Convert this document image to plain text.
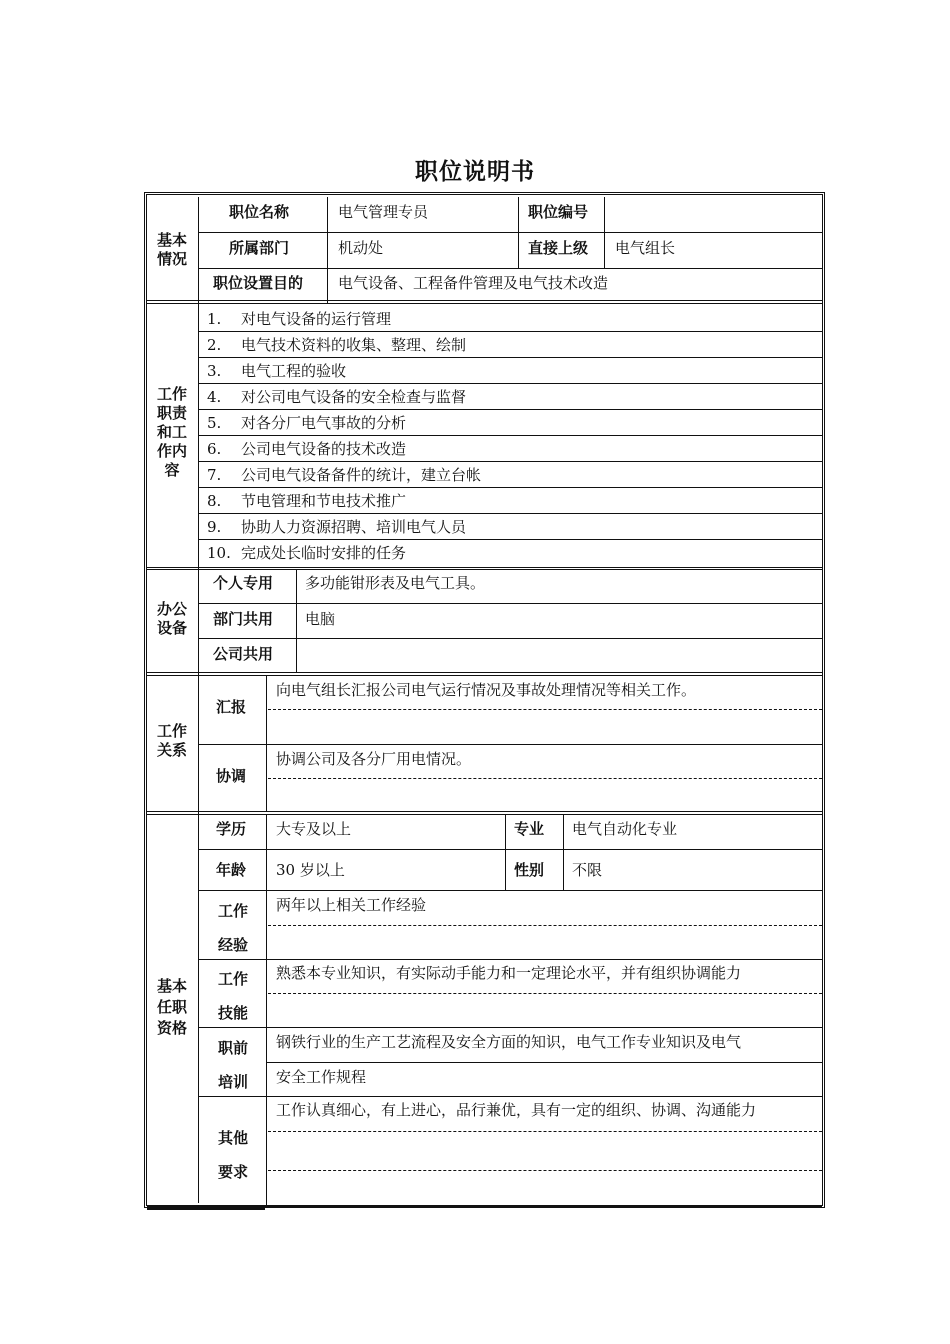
职位说明书
基本情况
职位名称	电气管理专员	职位编号
所属部门	机动处	直接上级 电气组长
职位设置目的 电气设备、工程备件管理及电气技术改造
工作职责和工作内容
1. 对电气设备的运行管理
2. 电气技术资料的收集、整理、绘制
3. 电气工程的验收
4. 对公司电气设备的安全检查与监督
5. 对各分厂电气事故的分析
6. 公司电气设备的技术改造
7. 公司电气设备备件的统计，建立台帐
8. 节电管理和节电技术推广
9. 协助人力资源招聘、培训电气人员
10. 完成处长临时安排的任务
办公设备
个人专用 多功能钳形表及电气工具。
部门共用 电脑
公司共用
工作关系
汇报
向电气组长汇报公司电气运行情况及事故处理情况等相关工作。
协调
协调公司及各分厂用电情况。
基本任职资格
学历 大专及以上	专业 电气自动化专业
年龄 30 岁以上	性别 不限
工作经验
两年以上相关工作经验
工作技能
熟悉本专业知识，有实际动手能力和一定理论水平，并有组织协调能力
职前培训
钢铁行业的生产工艺流程及安全方面的知识，电气工作专业知识及电气
安全工作规程
其他要求
工作认真细心，有上进心，品行兼优，具有一定的组织、协调、沟通能力
